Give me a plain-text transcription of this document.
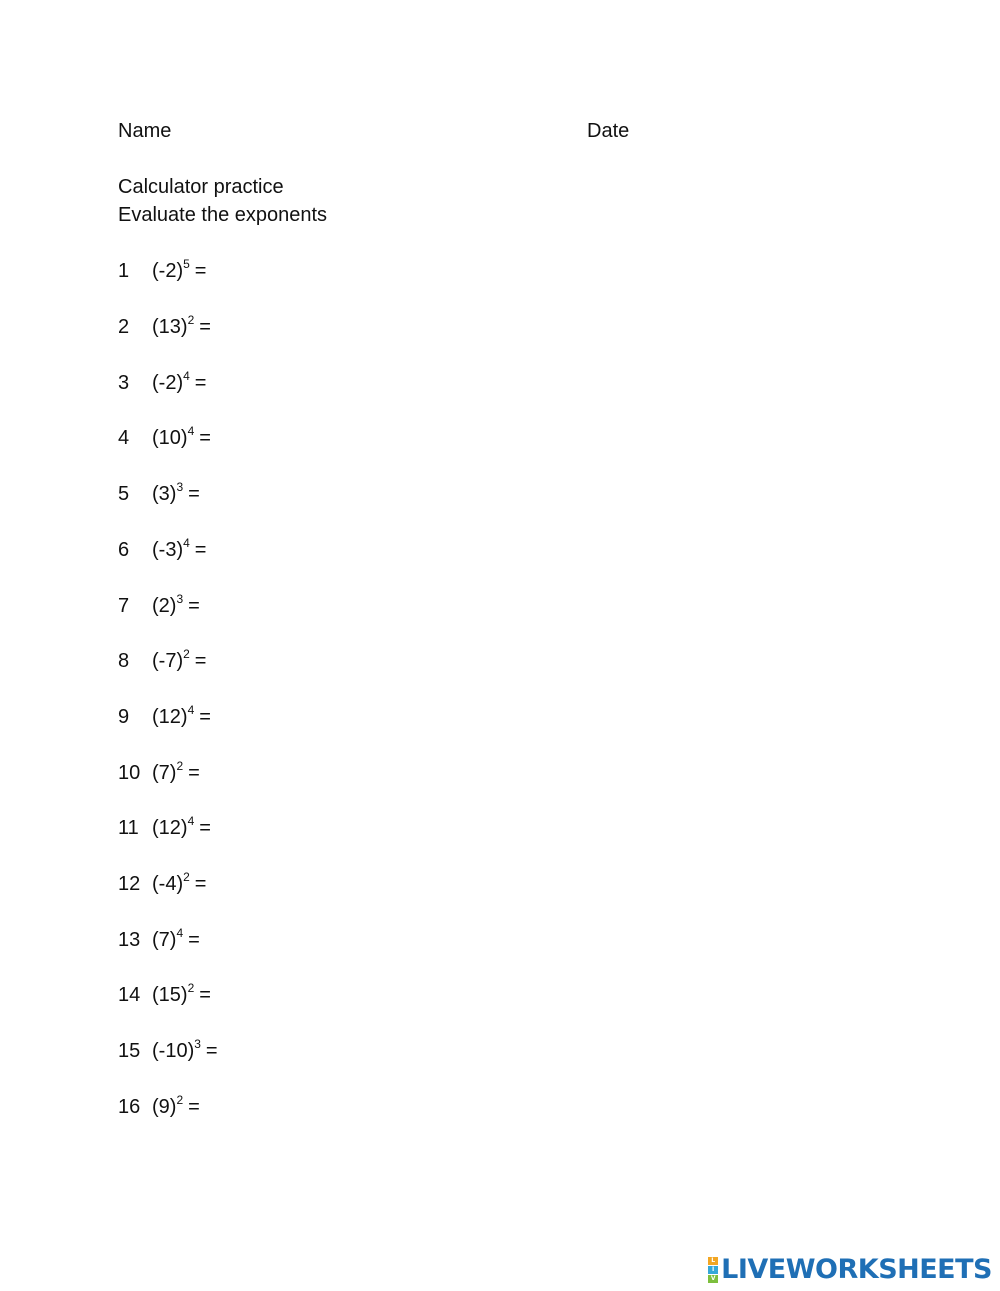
Name	Date
Calculator practice
Evaluate the exponents
1 $(-2)^5$ =
2 $(13)^2$ =
3 $(-2)^4$ =
4 $(10)^4$ =
5 $(3)^3$ =
6 $(-3)^4$ =
7 $(2)^3$ =
8 $(-7)^2$ =
9 $(12)^4$ =
10 $(7)^2$ =
11 $(12)^4$ =
12 $(-4)^2$ =
13 $(7)^4$ =
14 $(15)^2$ =
15 $(-10)^3$ =
16 $(9)^2$ =
L
I
V LIVEWORKSHEETS
